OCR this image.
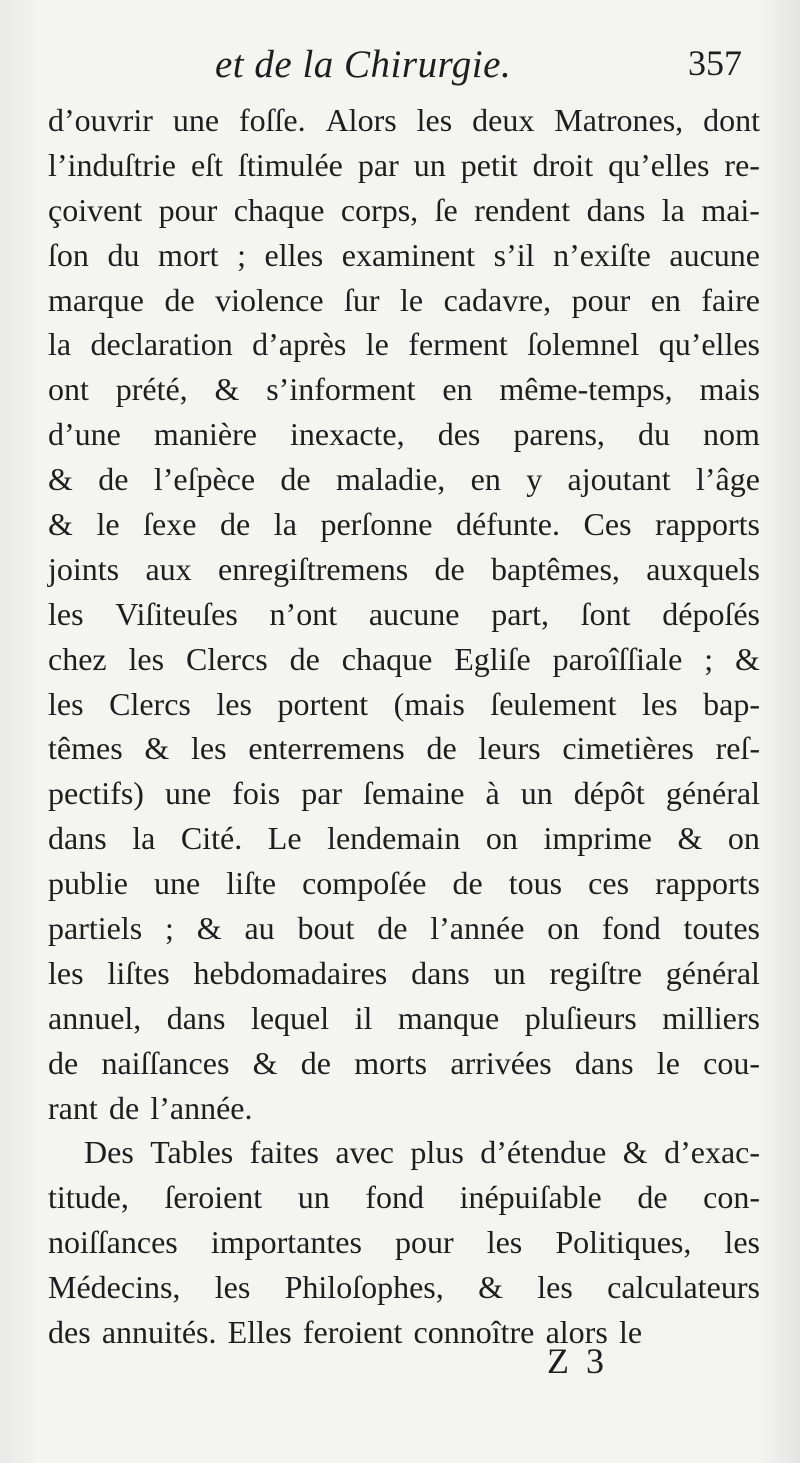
et de la Chirurgie.	357
d’ouvrir une foſſe. Alors les deux Matrones, dont
l’induſtrie eſt ſtimulée par un petit droit qu’elles re-
çoivent pour chaque corps, ſe rendent dans la mai-
ſon du mort ; elles examinent s’il n’exiſte aucune
marque de violence ſur le cadavre, pour en faire
la declaration d’après le ferment ſolemnel qu’elles
ont prété, & s’informent en même-temps, mais
d’une manière inexacte, des parens, du nom
& de l’eſpèce de maladie, en y ajoutant l’âge
& le ſexe de la perſonne défunte. Ces rapports
joints aux enregiſtremens de baptêmes, auxquels
les Viſiteuſes n’ont aucune part, ſont dépoſés
chez les Clercs de chaque Egliſe paroîſſiale ; &
les Clercs les portent (mais ſeulement les bap-
têmes & les enterremens de leurs cimetières reſ-
pectifs) une fois par ſemaine à un dépôt général
dans la Cité. Le lendemain on imprime & on
publie une liſte compoſée de tous ces rapports
partiels ; & au bout de l’année on fond toutes
les liſtes hebdomadaires dans un regiſtre général
annuel, dans lequel il manque pluſieurs milliers
de naiſſances & de morts arrivées dans le cou-
rant de l’année.
Des Tables faites avec plus d’étendue & d’exac-
titude, ſeroient un fond inépuiſable de con-
noiſſances importantes pour les Politiques, les
Médecins, les Philoſophes, & les calculateurs
des annuités. Elles feroient connoître alors le
Z 3
